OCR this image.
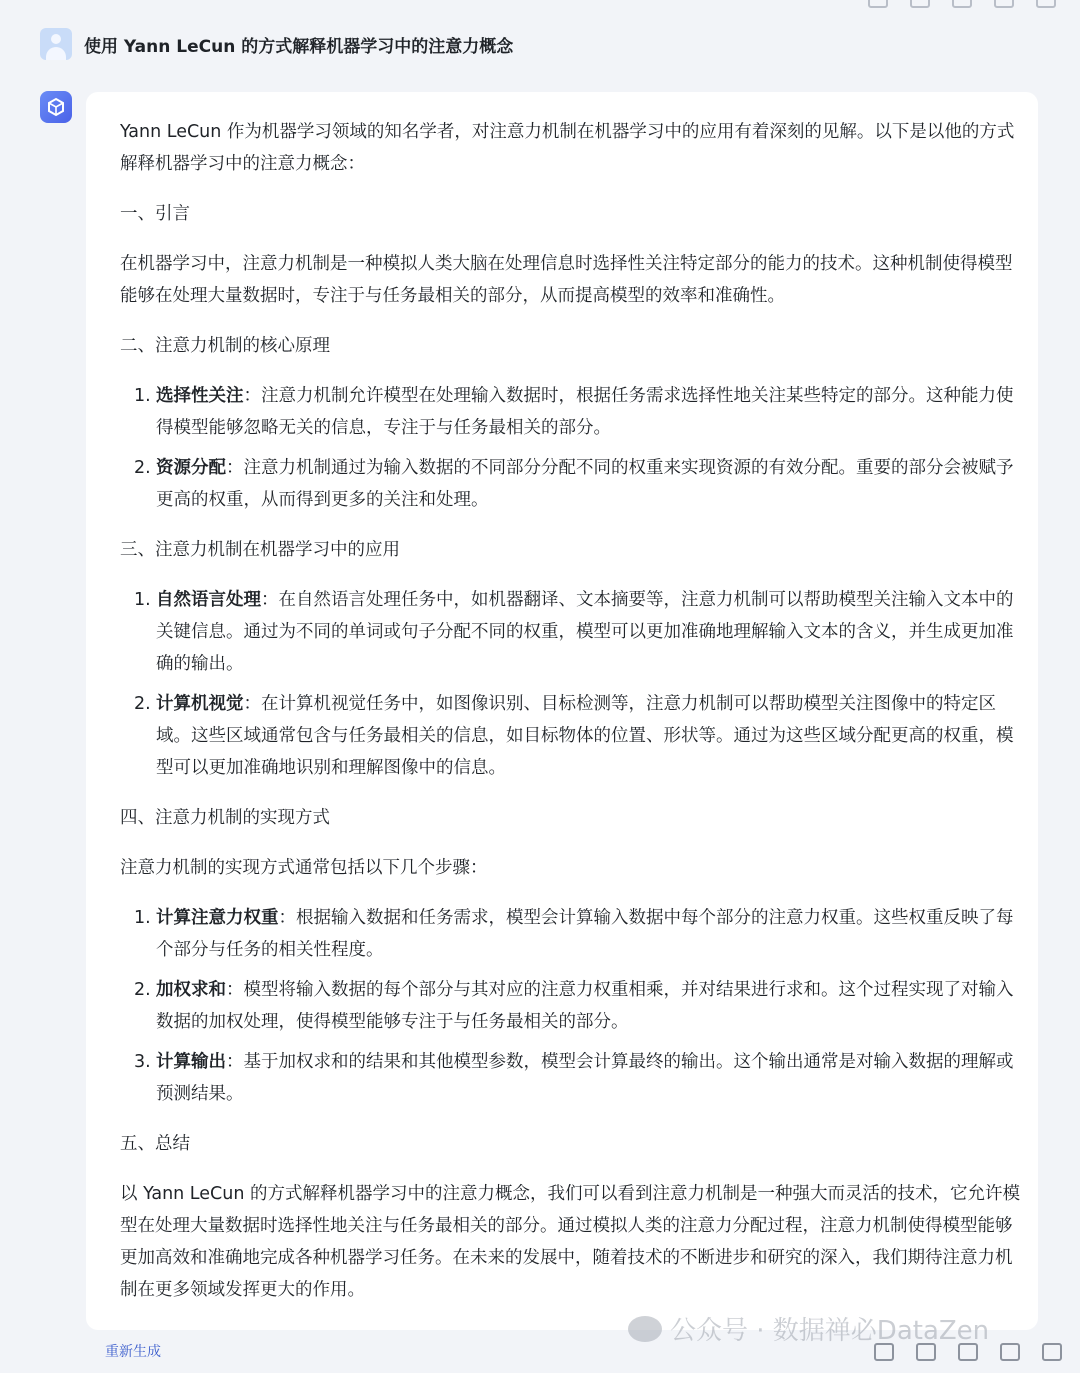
使用 Yann LeCun 的方式解释机器学习中的注意力概念

Yann LeCun 作为机器学习领域的知名学者，对注意力机制在机器学习中的应用有着深刻的见解。以下是以他的方式解释机器学习中的注意力概念：

一、引言

在机器学习中，注意力机制是一种模拟人类大脑在处理信息时选择性关注特定部分的能力的技术。这种机制使得模型能够在处理大量数据时，专注于与任务最相关的部分，从而提高模型的效率和准确性。

二、注意力机制的核心原理

1. 选择性关注：注意力机制允许模型在处理输入数据时，根据任务需求选择性地关注某些特定的部分。这种能力使得模型能够忽略无关的信息，专注于与任务最相关的部分。
2. 资源分配：注意力机制通过为输入数据的不同部分分配不同的权重来实现资源的有效分配。重要的部分会被赋予更高的权重，从而得到更多的关注和处理。

三、注意力机制在机器学习中的应用

1. 自然语言处理：在自然语言处理任务中，如机器翻译、文本摘要等，注意力机制可以帮助模型关注输入文本中的关键信息。通过为不同的单词或句子分配不同的权重，模型可以更加准确地理解输入文本的含义，并生成更加准确的输出。
2. 计算机视觉：在计算机视觉任务中，如图像识别、目标检测等，注意力机制可以帮助模型关注图像中的特定区域。这些区域通常包含与任务最相关的信息，如目标物体的位置、形状等。通过为这些区域分配更高的权重，模型可以更加准确地识别和理解图像中的信息。

四、注意力机制的实现方式

注意力机制的实现方式通常包括以下几个步骤：

1. 计算注意力权重：根据输入数据和任务需求，模型会计算输入数据中每个部分的注意力权重。这些权重反映了每个部分与任务的相关性程度。
2. 加权求和：模型将输入数据的每个部分与其对应的注意力权重相乘，并对结果进行求和。这个过程实现了对输入数据的加权处理，使得模型能够专注于与任务最相关的部分。
3. 计算输出：基于加权求和的结果和其他模型参数，模型会计算最终的输出。这个输出通常是对输入数据的理解或预测结果。

五、总结

以 Yann LeCun 的方式解释机器学习中的注意力概念，我们可以看到注意力机制是一种强大而灵活的技术，它允许模型在处理大量数据时选择性地关注与任务最相关的部分。通过模拟人类的注意力分配过程，注意力机制使得模型能够更加高效和准确地完成各种机器学习任务。在未来的发展中，随着技术的不断进步和研究的深入，我们期待注意力机制在更多领域发挥更大的作用。

重新生成
公众号 · 数据禅必DataZen
